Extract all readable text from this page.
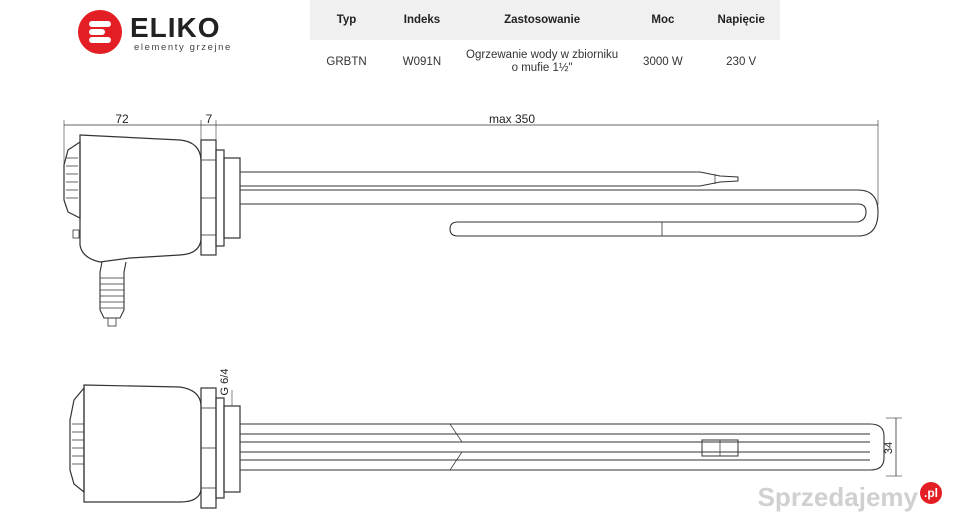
ELIKO
elementy grzejne
Typ	Indeks	Zastosowanie	Moc	Napięcie
GRBTN	W091N	Ogrzewanie wody w zbiorniku o mufie 1½"	3000 W	230 V
72	7	max 350
G 6/4
34
Sprzedajemy .pl
